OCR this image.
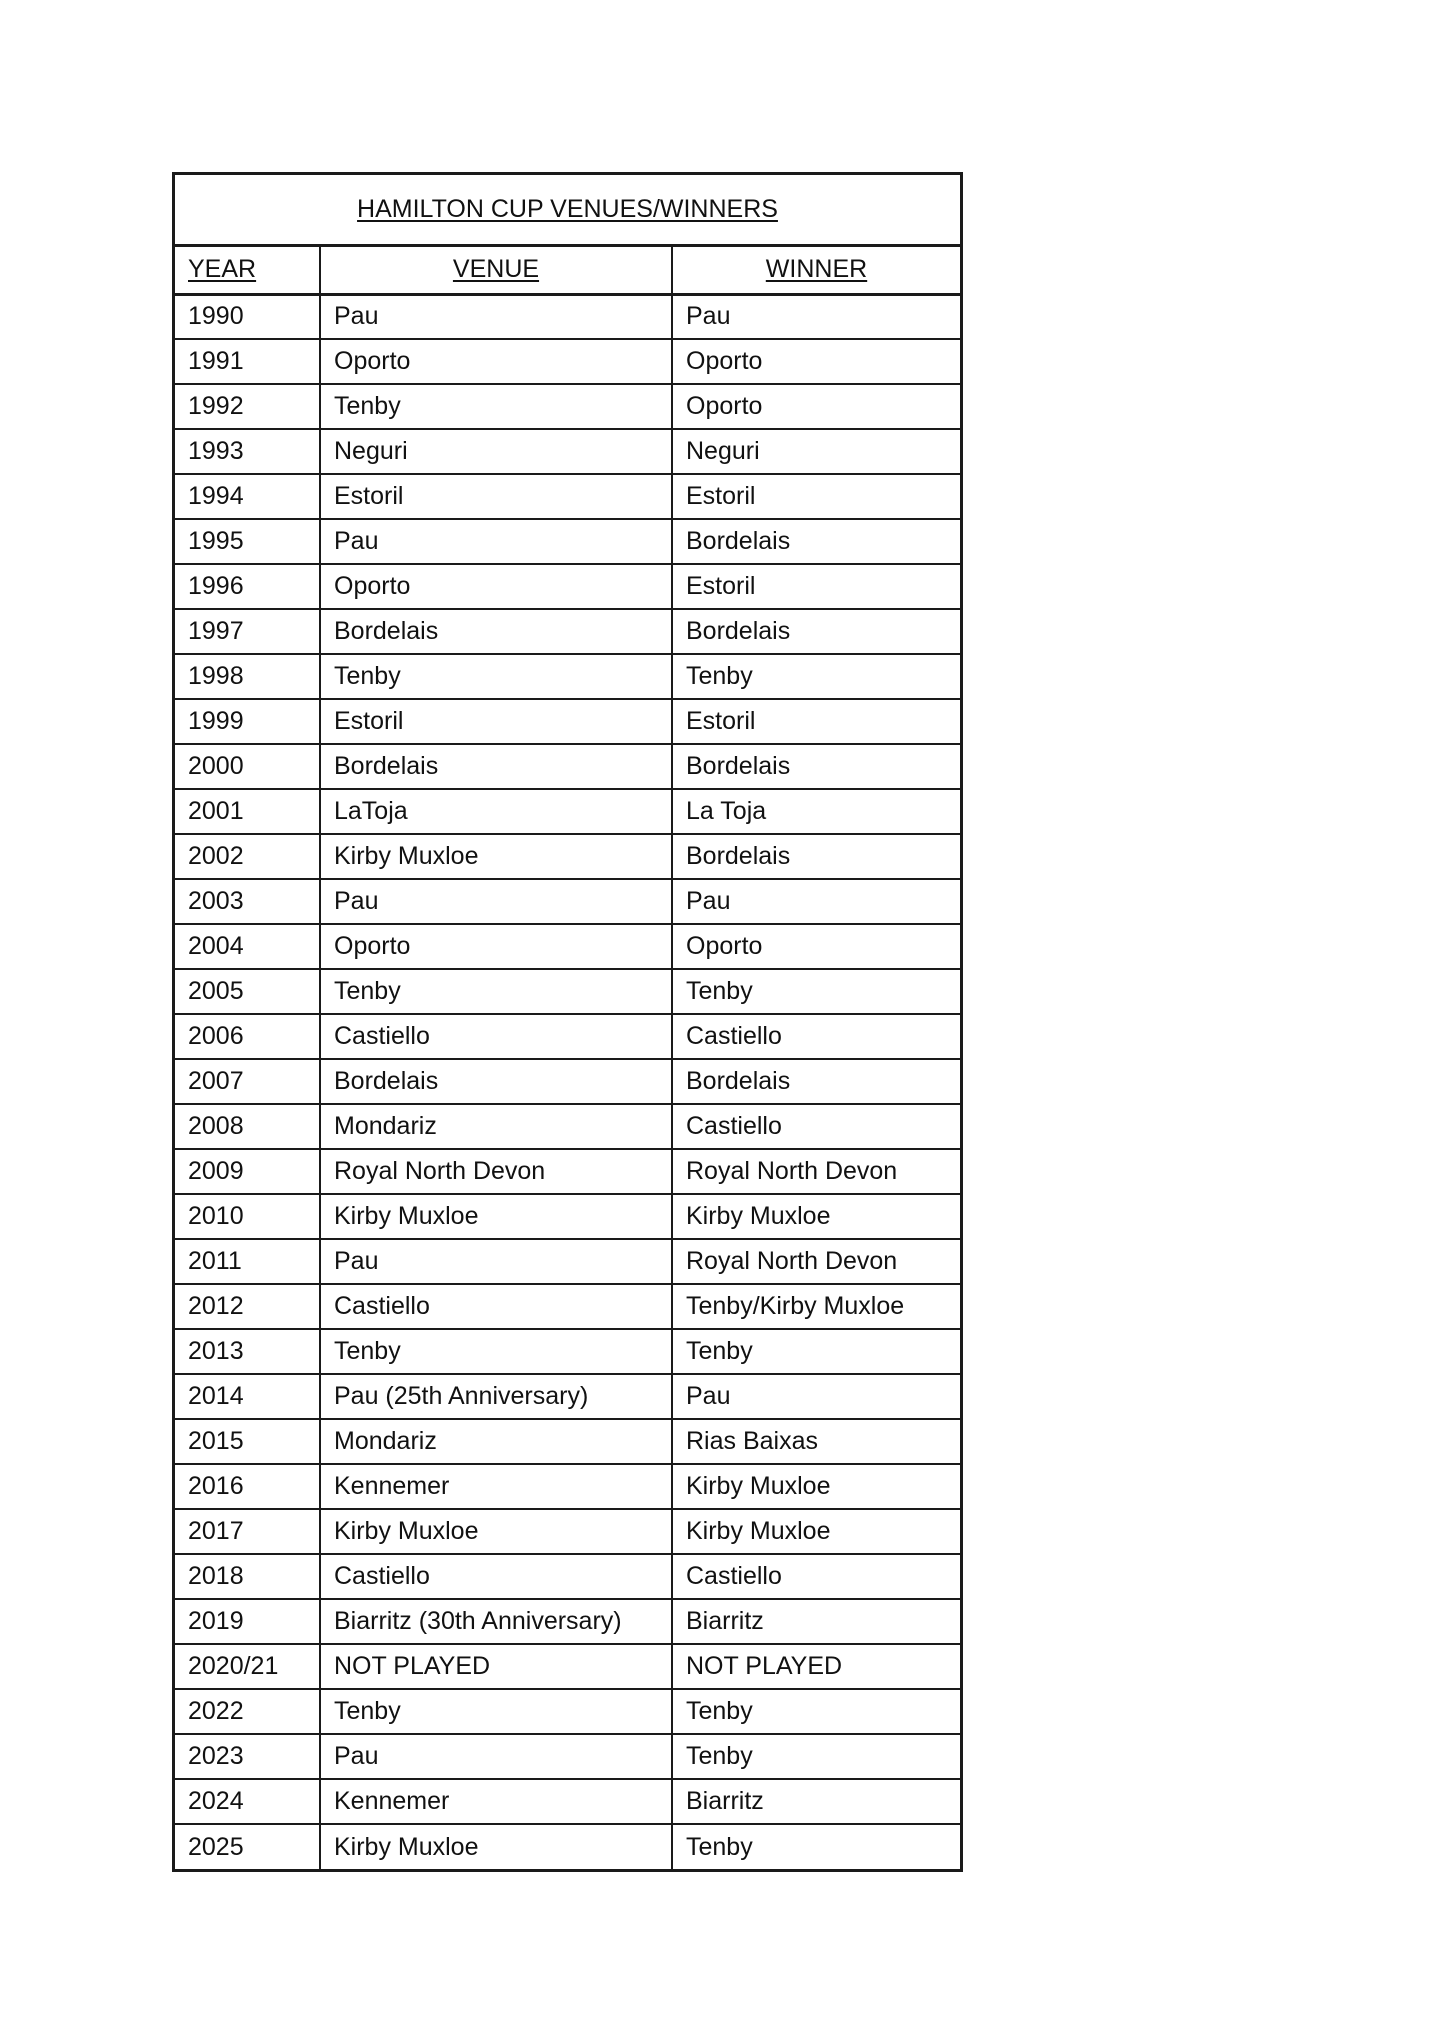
HAMILTON CUP VENUES/WINNERS
YEAR	VENUE	WINNER
1990	Pau	Pau
1991	Oporto	Oporto
1992	Tenby	Oporto
1993	Neguri	Neguri
1994	Estoril	Estoril
1995	Pau	Bordelais
1996	Oporto	Estoril
1997	Bordelais	Bordelais
1998	Tenby	Tenby
1999	Estoril	Estoril
2000	Bordelais	Bordelais
2001	LaToja	La Toja
2002	Kirby Muxloe	Bordelais
2003	Pau	Pau
2004	Oporto	Oporto
2005	Tenby	Tenby
2006	Castiello	Castiello
2007	Bordelais	Bordelais
2008	Mondariz	Castiello
2009	Royal North Devon	Royal North Devon
2010	Kirby Muxloe	Kirby Muxloe
2011	Pau	Royal North Devon
2012	Castiello	Tenby/Kirby Muxloe
2013	Tenby	Tenby
2014	Pau (25th Anniversary)	Pau
2015	Mondariz	Rias Baixas
2016	Kennemer	Kirby Muxloe
2017	Kirby Muxloe	Kirby Muxloe
2018	Castiello	Castiello
2019	Biarritz (30th Anniversary)	Biarritz
2020/21	NOT PLAYED	NOT PLAYED
2022	Tenby	Tenby
2023	Pau	Tenby
2024	Kennemer	Biarritz
2025	Kirby Muxloe	Tenby
